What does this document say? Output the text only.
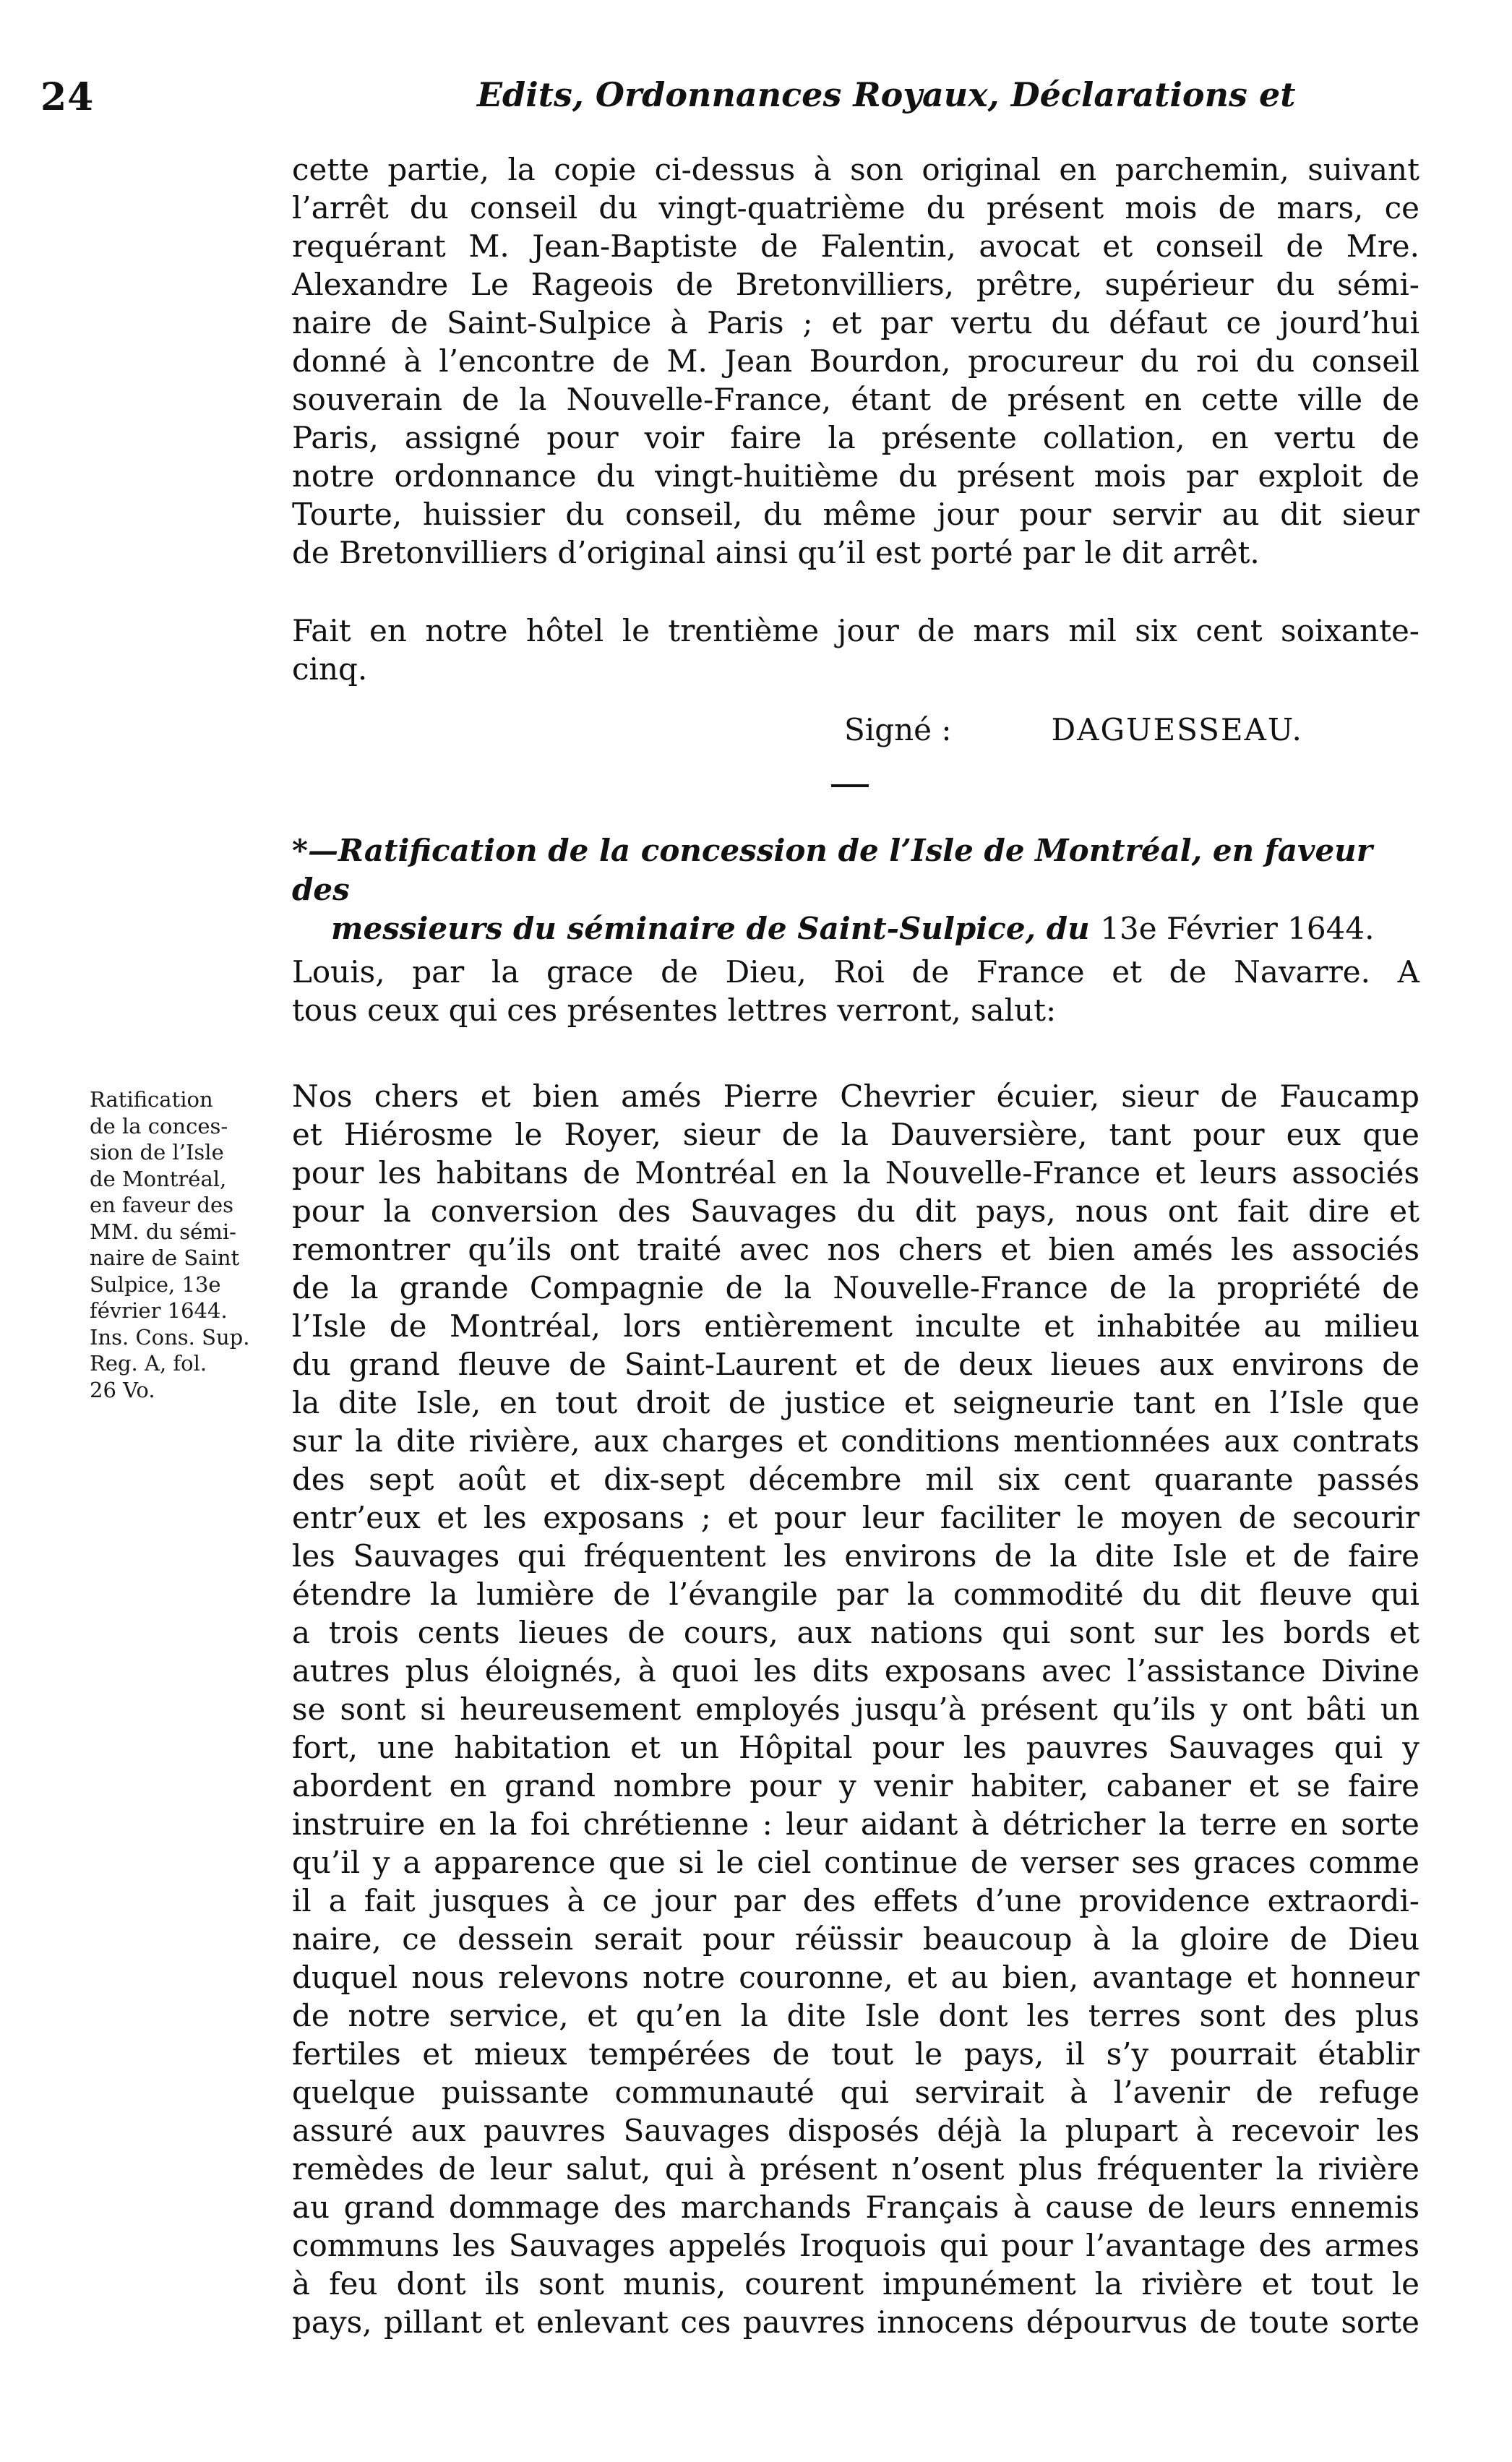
24	Edits, Ordonnances Royaux, Déclarations et
cette partie, la copie ci-dessus à son original en parchemin, suivant
l’arrêt du conseil du vingt-quatrième du présent mois de mars, ce
requérant M. Jean-Baptiste de Falentin, avocat et conseil de Mre.
Alexandre Le Rageois de Bretonvilliers, prêtre, supérieur du sémi-
naire de Saint-Sulpice à Paris ; et par vertu du défaut ce jourd’hui
donné à l’encontre de M. Jean Bourdon, procureur du roi du conseil
souverain de la Nouvelle-France, étant de présent en cette ville de
Paris, assigné pour voir faire la présente collation, en vertu de
notre ordonnance du vingt-huitième du présent mois par exploit de
Tourte, huissier du conseil, du même jour pour servir au dit sieur
de Bretonvilliers d’original ainsi qu’il est porté par le dit arrêt.
Fait en notre hôtel le trentième jour de mars mil six cent soixante-
cinq.
Signé :	DAGUESSEAU.
*—Ratification de la concession de l’Isle de Montréal, en faveur des
messieurs du séminaire de Saint-Sulpice, du 13e Février 1644.
Louis, par la grace de Dieu, Roi de France et de Navarre. A
tous ceux qui ces présentes lettres verront, salut:
Ratification
de la conces-
sion de l’Isle
de Montréal,
en faveur des
MM. du sémi-
naire de Saint
Sulpice, 13e
février 1644.
Ins. Cons. Sup.
Reg. A, fol.
26 Vo.
Nos chers et bien amés Pierre Chevrier écuier, sieur de Faucamp
et Hiérosme le Royer, sieur de la Dauversière, tant pour eux que
pour les habitans de Montréal en la Nouvelle-France et leurs associés
pour la conversion des Sauvages du dit pays, nous ont fait dire et
remontrer qu’ils ont traité avec nos chers et bien amés les associés
de la grande Compagnie de la Nouvelle-France de la propriété de
l’Isle de Montréal, lors entièrement inculte et inhabitée au milieu
du grand fleuve de Saint-Laurent et de deux lieues aux environs de
la dite Isle, en tout droit de justice et seigneurie tant en l’Isle que
sur la dite rivière, aux charges et conditions mentionnées aux contrats
des sept août et dix-sept décembre mil six cent quarante passés
entr’eux et les exposans ; et pour leur faciliter le moyen de secourir
les Sauvages qui fréquentent les environs de la dite Isle et de faire
étendre la lumière de l’évangile par la commodité du dit fleuve qui
a trois cents lieues de cours, aux nations qui sont sur les bords et
autres plus éloignés, à quoi les dits exposans avec l’assistance Divine
se sont si heureusement employés jusqu’à présent qu’ils y ont bâti un
fort, une habitation et un Hôpital pour les pauvres Sauvages qui y
abordent en grand nombre pour y venir habiter, cabaner et se faire
instruire en la foi chrétienne : leur aidant à détricher la terre en sorte
qu’il y a apparence que si le ciel continue de verser ses graces comme
il a fait jusques à ce jour par des effets d’une providence extraordi-
naire, ce dessein serait pour réüssir beaucoup à la gloire de Dieu
duquel nous relevons notre couronne, et au bien, avantage et honneur
de notre service, et qu’en la dite Isle dont les terres sont des plus
fertiles et mieux tempérées de tout le pays, il s’y pourrait établir
quelque puissante communauté qui servirait à l’avenir de refuge
assuré aux pauvres Sauvages disposés déjà la plupart à recevoir les
remèdes de leur salut, qui à présent n’osent plus fréquenter la rivière
au grand dommage des marchands Français à cause de leurs ennemis
communs les Sauvages appelés Iroquois qui pour l’avantage des armes
à feu dont ils sont munis, courent impunément la rivière et tout le
pays, pillant et enlevant ces pauvres innocens dépourvus de toute sorte
